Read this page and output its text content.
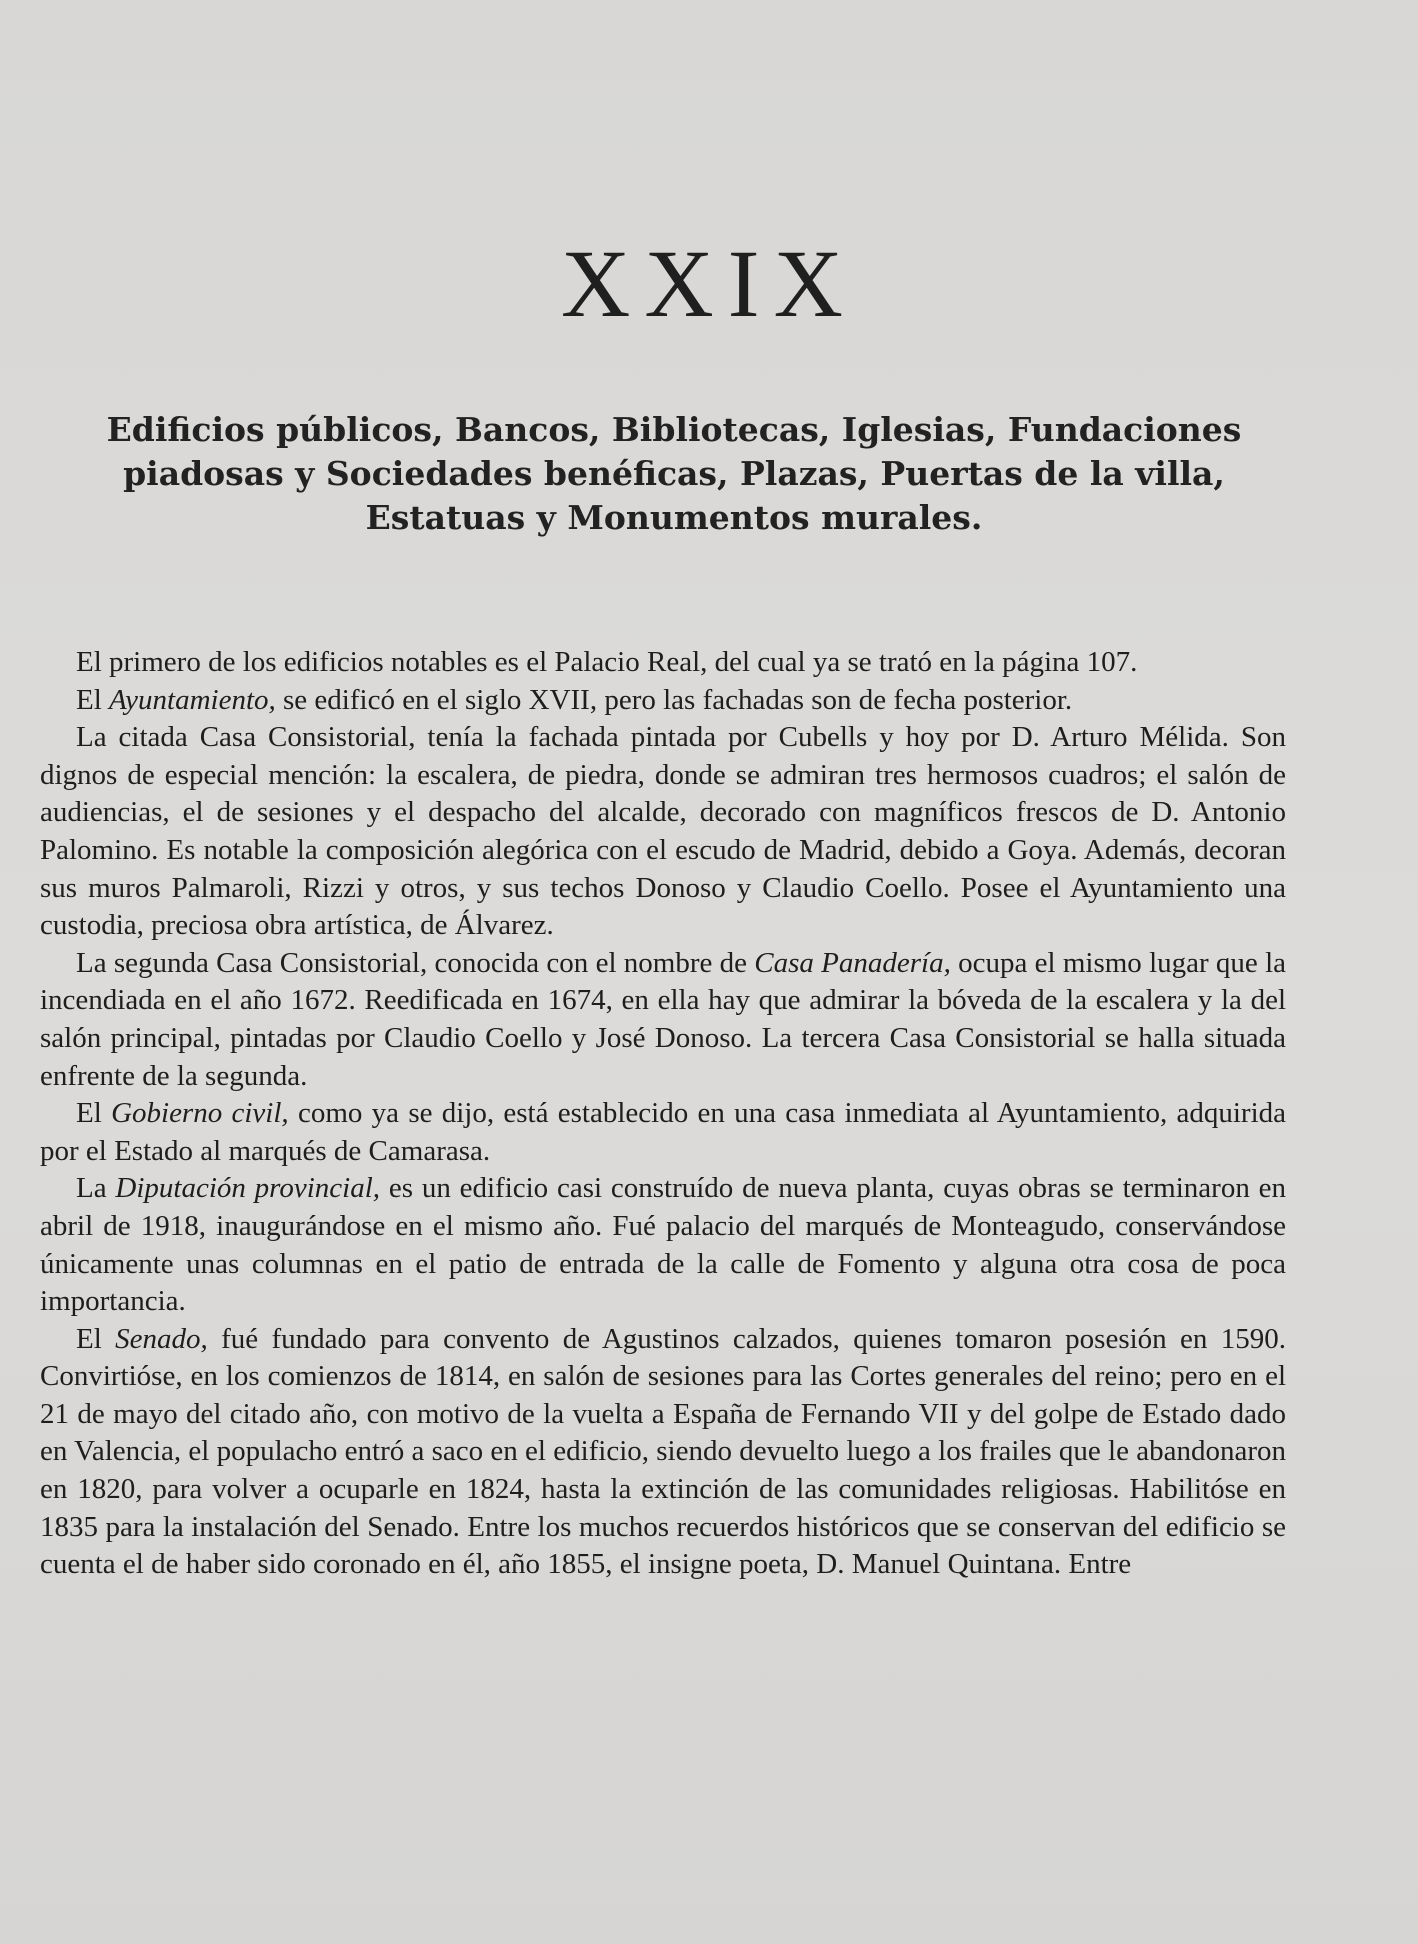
XXIX
Edificios públicos, Bancos, Bibliotecas, Iglesias, Fundaciones piadosas y Sociedades benéficas, Plazas, Puertas de la villa, Estatuas y Monumentos murales.

El primero de los edificios notables es el Palacio Real, del cual ya se trató en la página 107.

El Ayuntamiento, se edificó en el siglo XVII, pero las fachadas son de fecha posterior.

La citada Casa Consistorial, tenía la fachada pintada por Cubells y hoy por D. Arturo Mélida. Son dignos de especial mención: la escalera, de piedra, donde se admiran tres hermosos cuadros; el salón de audiencias, el de sesiones y el despacho del alcalde, decorado con magníficos frescos de D. Antonio Palomino. Es notable la composición alegórica con el escudo de Madrid, debido a Goya. Además, decoran sus muros Palmaroli, Rizzi y otros, y sus techos Donoso y Claudio Coello. Posee el Ayuntamiento una custodia, preciosa obra artística, de Álvarez.

La segunda Casa Consistorial, conocida con el nombre de Casa Panadería, ocupa el mismo lugar que la incendiada en el año 1672. Reedificada en 1674, en ella hay que admirar la bóveda de la escalera y la del salón principal, pintadas por Claudio Coello y José Donoso. La tercera Casa Consistorial se halla situada enfrente de la segunda.

El Gobierno civil, como ya se dijo, está establecido en una casa inmediata al Ayuntamiento, adquirida por el Estado al marqués de Camarasa.

La Diputación provincial, es un edificio casi construído de nueva planta, cuyas obras se terminaron en abril de 1918, inaugurándose en el mismo año. Fué palacio del marqués de Monteagudo, conservándose únicamente unas columnas en el patio de entrada de la calle de Fomento y alguna otra cosa de poca importancia.

El Senado, fué fundado para convento de Agustinos calzados, quienes tomaron posesión en 1590. Convirtióse, en los comienzos de 1814, en salón de sesiones para las Cortes generales del reino; pero en el 21 de mayo del citado año, con motivo de la vuelta a España de Fernando VII y del golpe de Estado dado en Valencia, el populacho entró a saco en el edificio, siendo devuelto luego a los frailes que le abandonaron en 1820, para volver a ocuparle en 1824, hasta la extinción de las comunidades religiosas. Habilitóse en 1835 para la instalación del Senado. Entre los muchos recuerdos históricos que se conservan del edificio se cuenta el de haber sido coronado en él, año 1855, el insigne poeta, D. Manuel Quintana. Entre
